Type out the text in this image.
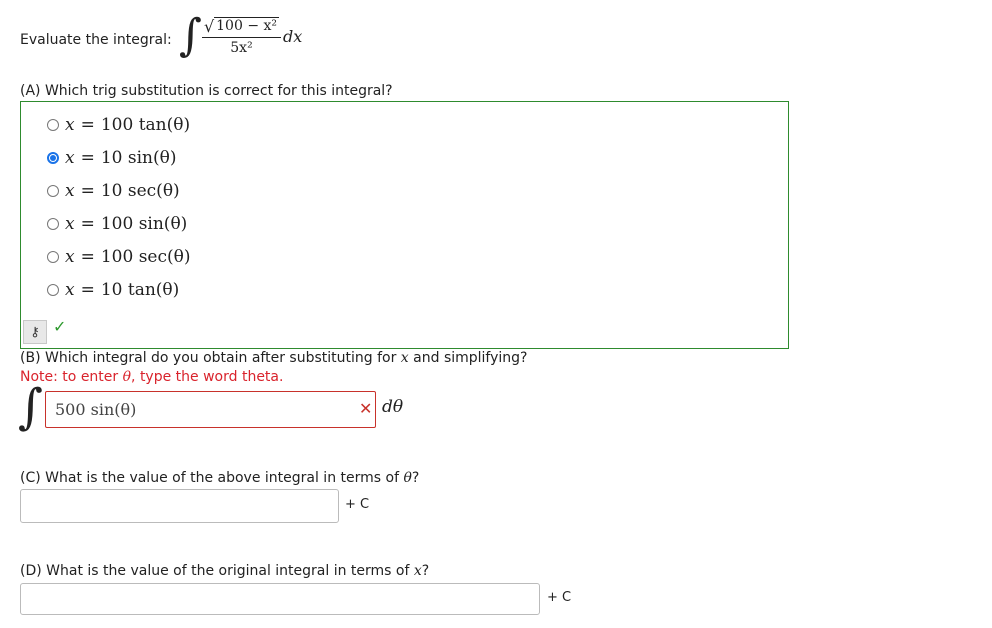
Evaluate the integral: ∫ $\frac{\text{√ 100 − x²}}{\text{5x²}}$ dx
(A) Which trig substitution is correct for this integral?
x = 100 tan(θ)
x = 10 sin(θ)
x = 10 sec(θ)
x = 100 sin(θ)
x = 100 sec(θ)
x = 10 tan(θ)
⚷ ✓
(B) Which integral do you obtain after substituting for x and simplifying?
Note: to enter θ, type the word theta.
∫ 500 sin(θ)	✕ dθ
(C) What is the value of the above integral in terms of θ?
+ C
(D) What is the value of the original integral in terms of x?
+ C
